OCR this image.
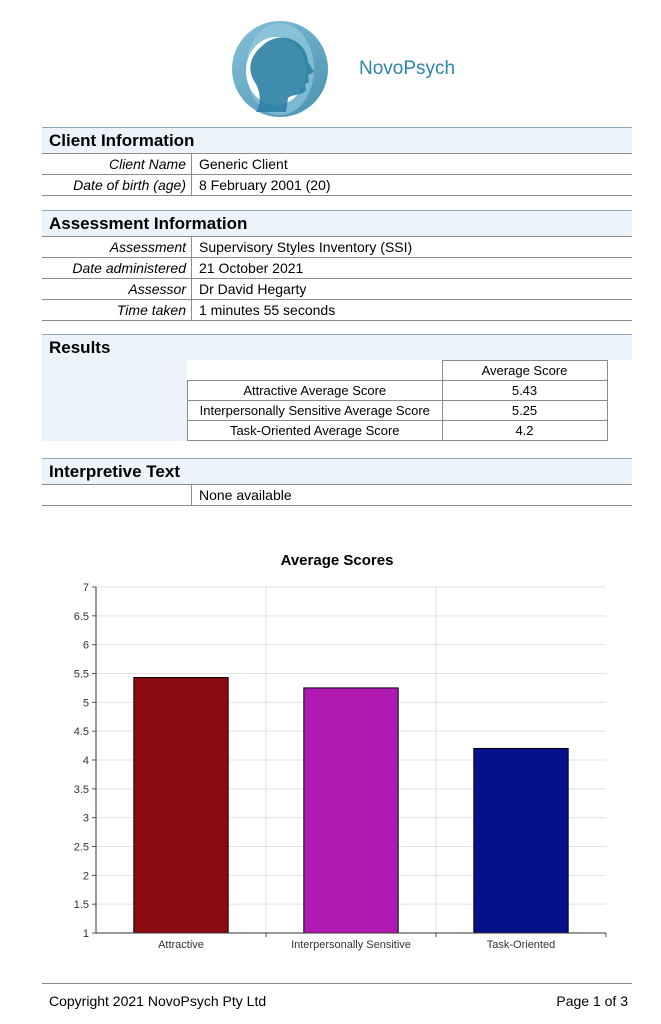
NovoPsych
Client Information
Client Name Generic Client
Date of birth (age) 8 February 2001 (20)
Assessment Information
Assessment Supervisory Styles Inventory (SSI)
Date administered 21 October 2021
Assessor Dr David Hegarty
Time taken 1 minutes 55 seconds
Results
	Average Score
Attractive Average Score	5.43
Interpersonally Sensitive Average Score	5.25
Task-Oriented Average Score	4.2
Interpretive Text
None available
Average Scores
1
1.5
2
2.5
3
3.5
4
4.5
5
5.5
6
6.5
7
Attractive	Interpersonally Sensitive	Task-Oriented
Copyright 2021 NovoPsych Pty Ltd	Page 1 of 3
